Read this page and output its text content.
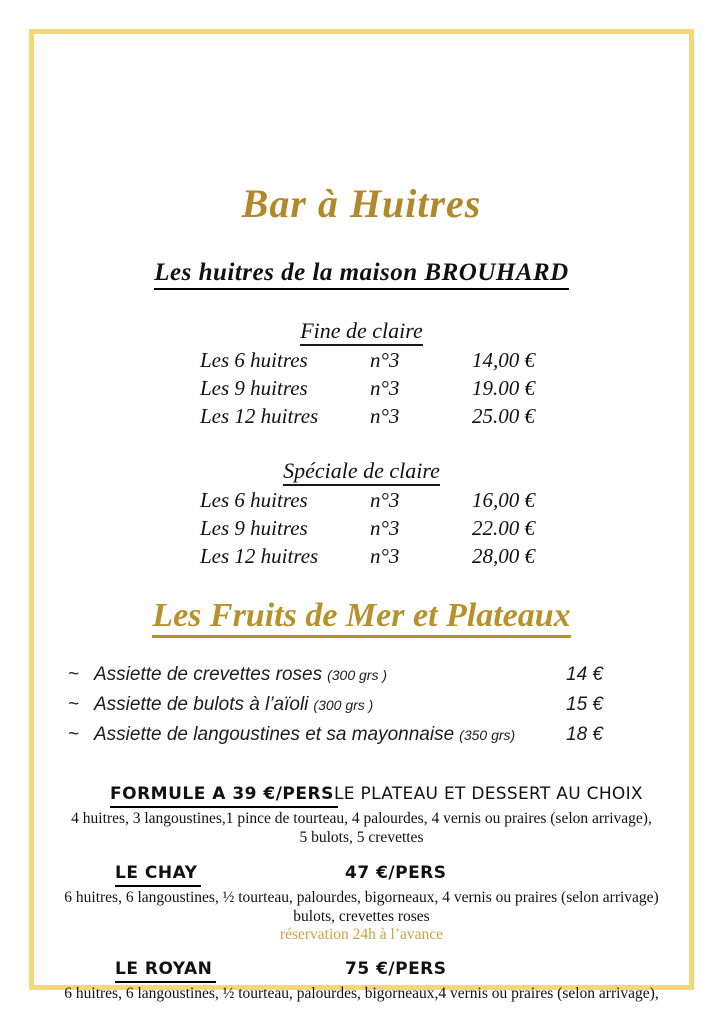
Bar à Huitres
Les huitres de la maison BROUHARD
Fine de claire
Les 6 huitres	n°3	14,00 €
Les 9 huitres	n°3	19.00 €
Les 12 huitres	n°3	25.00 €
Spéciale de claire
Les 6 huitres	n°3	16,00 €
Les 9 huitres	n°3	22.00 €
Les 12 huitres	n°3	28,00 €
Les Fruits de Mer et Plateaux
~ Assiette de crevettes roses (300 grs )	14 €
~ Assiette de bulots à l’aïoli (300 grs )	15 €
~ Assiette de langoustines et sa mayonnaise (350 grs)	18 €
FORMULE A 39 €/PERS LE PLATEAU ET DESSERT AU CHOIX
4 huitres, 3 langoustines,1 pince de tourteau, 4 palourdes, 4 vernis ou praires (selon arrivage),
5 bulots, 5 crevettes
LE CHAY	47 €/PERS
6 huitres, 6 langoustines, ½ tourteau, palourdes, bigorneaux, 4 vernis ou praires (selon arrivage)
bulots, crevettes roses
réservation 24h à l’avance
LE ROYAN	75 €/PERS
6 huitres, 6 langoustines, ½ tourteau, palourdes, bigorneaux,4 vernis ou praires (selon arrivage),
